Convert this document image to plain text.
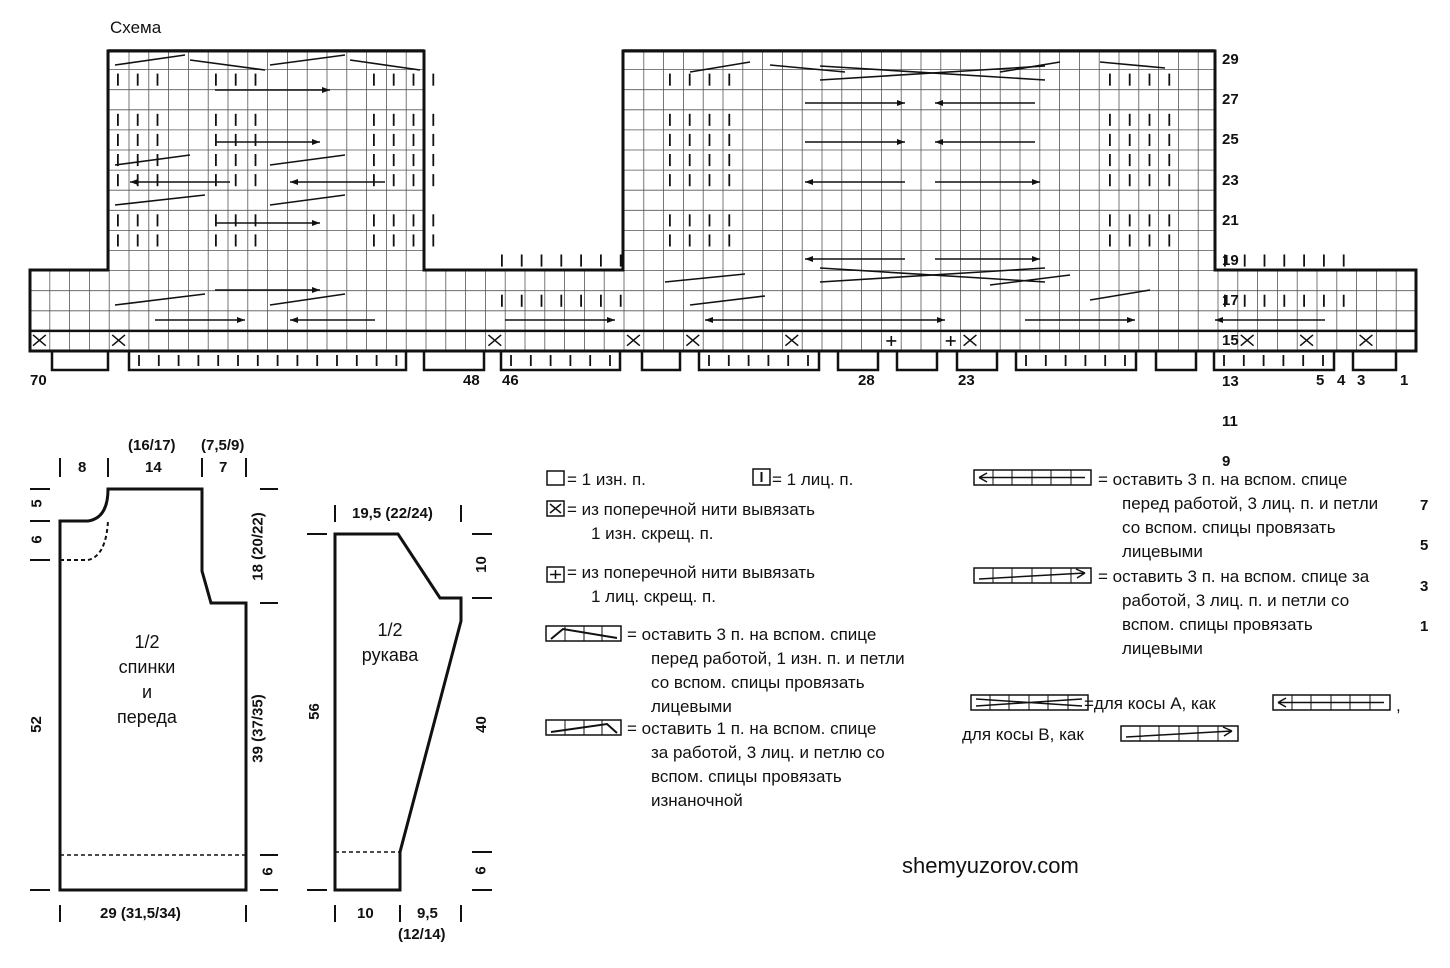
Схема
29
27
25
23
21
19
17
15
13
11
9
7
5
3
1
70	48 46	28	23	5 4 3 1
(16/17)
8	14
(7,5/9)
7
5
6
52
18 (20/22)
39 (37/35)
6
29 (31,5/34)
1/2
спинки
и
переда
19,5 (22/24)
56
10
40
6
10	9,5
(12/14)
1/2
рукава
= 1 изн. п.	= 1 лиц. п.
= из поперечной нити вывязать
1 изн. скрещ. п.
= из поперечной нити вывязать
1 лиц. скрещ. п.
= оставить 3 п. на вспом. спице
перед работой, 1 изн. п. и петли
со вспом. спицы провязать
лицевыми
= оставить 1 п. на вспом. спице
за работой, 3 лиц. и петлю со
вспом. спицы провязать
изнаночной
= оставить 3 п. на вспом. спице
перед работой, 3 лиц. п. и петли
со вспом. спицы провязать
лицевыми
= оставить 3 п. на вспом. спице за
работой, 3 лиц. п. и петли со
вспом. спицы провязать
лицевыми
=для косы А, как	,
для косы В, как
shemyuzorov.com
